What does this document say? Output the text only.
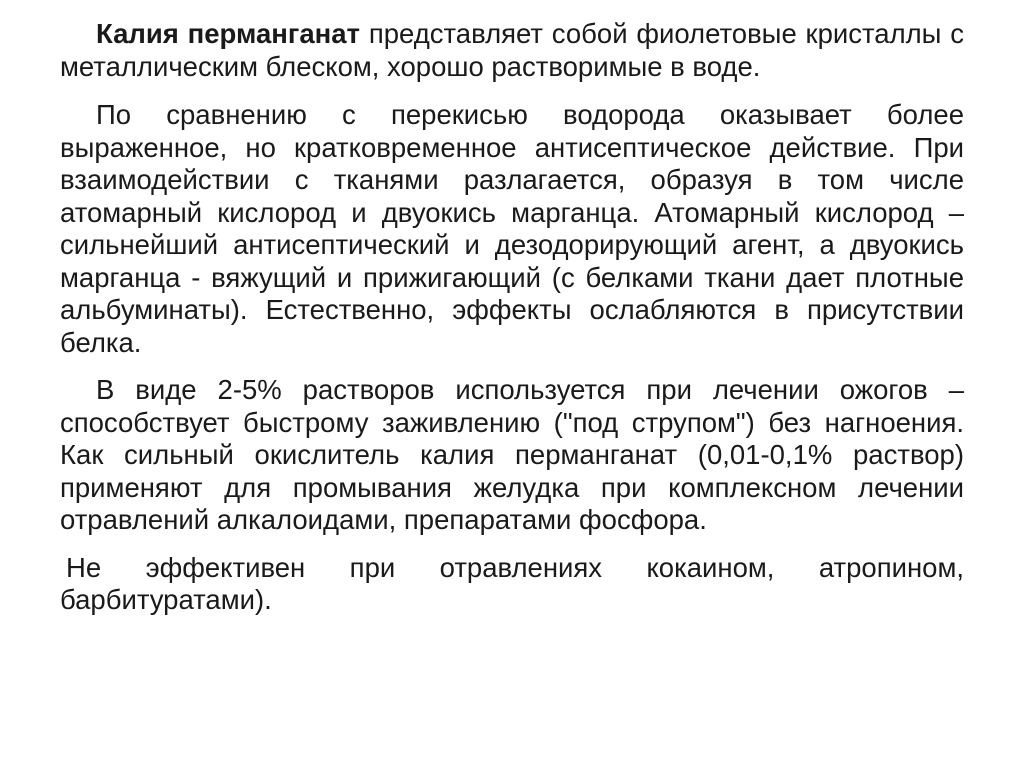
Калия перманганат представляет собой фиолетовые кристаллы с металлическим блеском, хорошо растворимые в воде.

По сравнению с перекисью водорода оказывает более выраженное, но кратковременное антисептическое действие. При взаимодействии с тканями разлагается, образуя в том числе атомарный кислород и двуокись марганца. Атомарный кислород – сильнейший антисептический и дезодорирующий агент, а двуокись марганца - вяжущий и прижигающий (с белками ткани дает плотные альбуминаты). Естественно, эффекты ослабляются в присутствии белка.

В виде 2-5% растворов используется при лечении ожогов – способствует быстрому заживлению ("под струпом") без нагноения. Как сильный окислитель калия перманганат (0,01-0,1% раствор) применяют для промывания желудка при комплексном лечении отравлений алкалоидами, препаратами фосфора.

Не эффективен при отравлениях кокаином, атропином, барбитуратами).
